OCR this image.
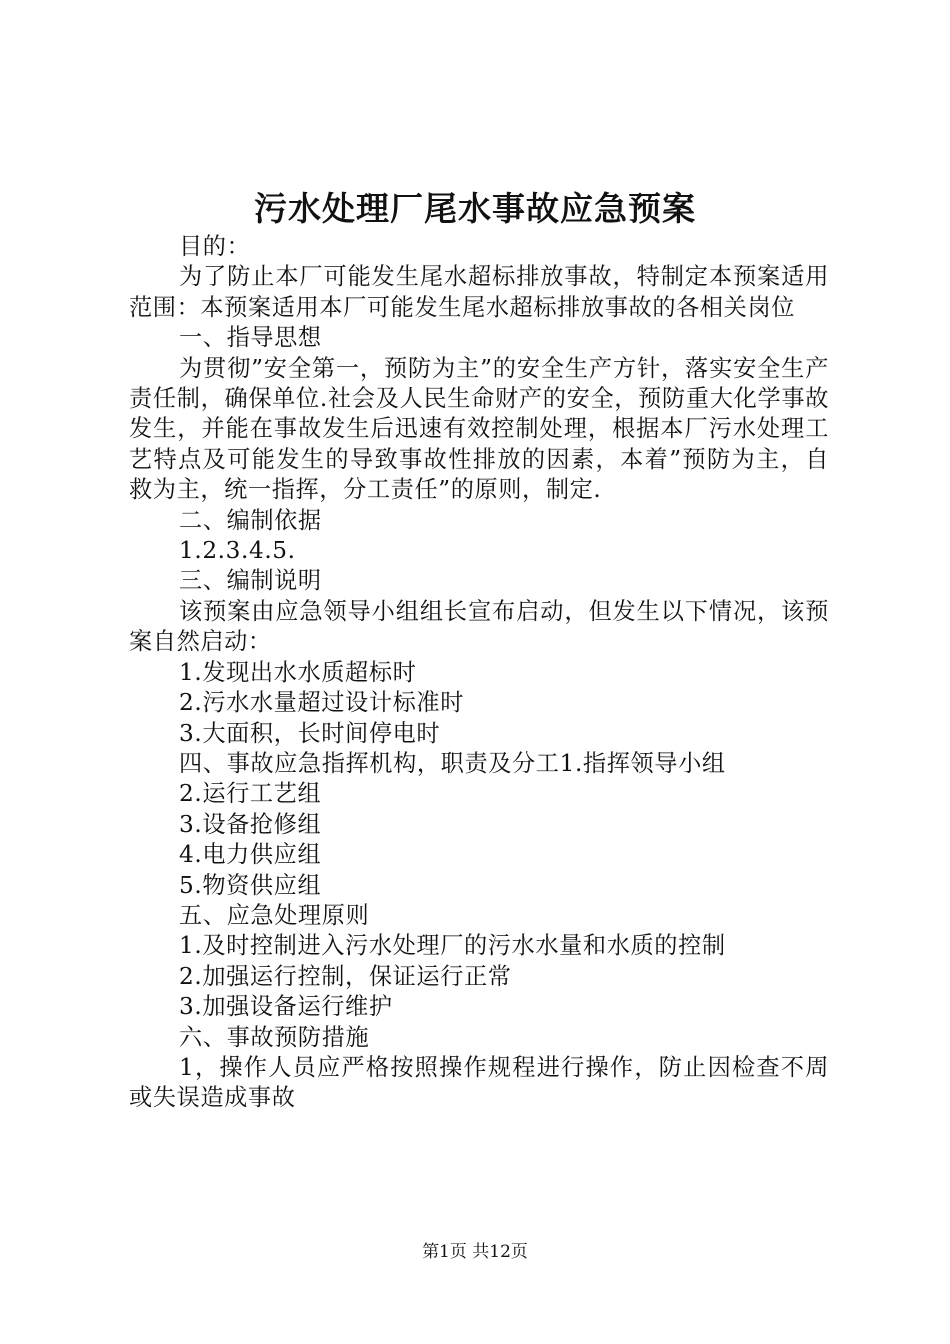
污水处理厂尾水事故应急预案

目的：

为了防止本厂可能发生尾水超标排放事故，特制定本预案适用范围：本预案适用本厂可能发生尾水超标排放事故的各相关岗位

一、指导思想

为贯彻”安全第一，预防为主”的安全生产方针，落实安全生产责任制，确保单位.社会及人民生命财产的安全，预防重大化学事故发生，并能在事故发生后迅速有效控制处理，根据本厂污水处理工艺特点及可能发生的导致事故性排放的因素，本着”预防为主，自救为主，统一指挥，分工责任”的原则，制定.

二、编制依据

1.2.3.4.5.

三、编制说明

该预案由应急领导小组组长宣布启动，但发生以下情况，该预案自然启动：

1.发现出水水质超标时

2.污水水量超过设计标准时

3.大面积，长时间停电时

四、事故应急指挥机构，职责及分工1.指挥领导小组

2.运行工艺组

3.设备抢修组

4.电力供应组

5.物资供应组

五、应急处理原则

1.及时控制进入污水处理厂的污水水量和水质的控制

2.加强运行控制，保证运行正常

3.加强设备运行维护

六、事故预防措施

1，操作人员应严格按照操作规程进行操作，防止因检查不周或失误造成事故

第1页 共12页
